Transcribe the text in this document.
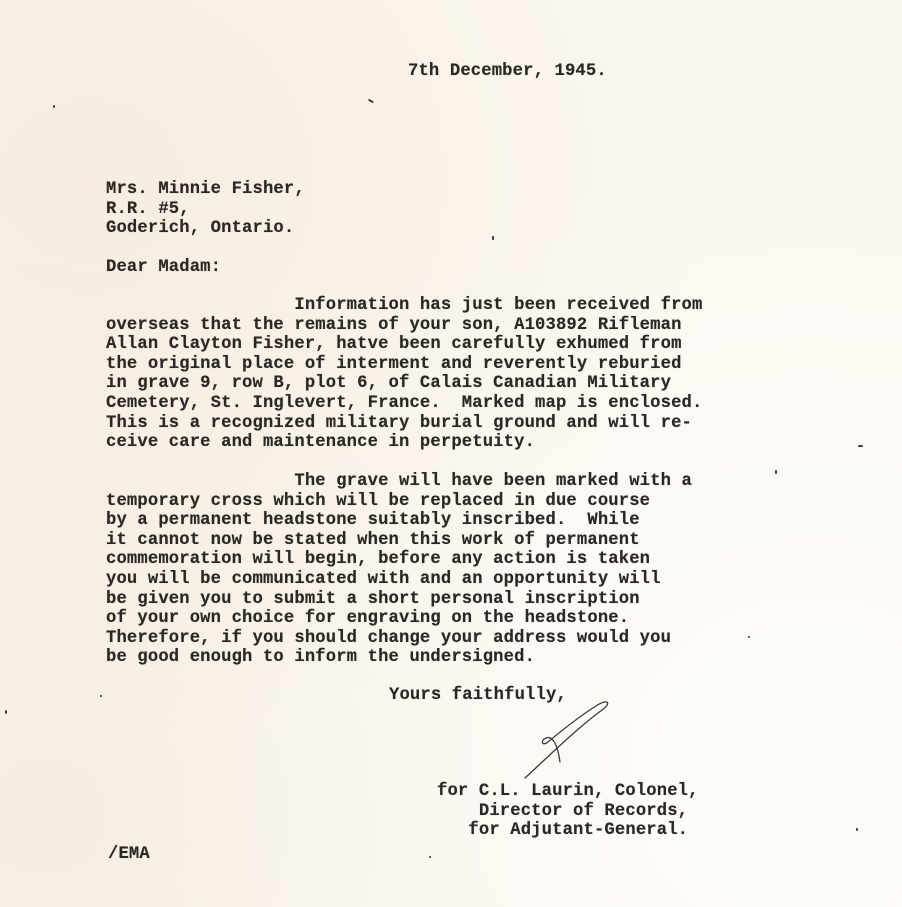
7th December, 1945.
Mrs. Minnie Fisher,
R.R. #5,
Goderich, Ontario.
Dear Madam:
Information has just been received from
overseas that the remains of your son, A103892 Rifleman
Allan Clayton Fisher, hatve been carefully exhumed from
the original place of interment and reverently reburied
in grave 9, row B, plot 6, of Calais Canadian Military
Cemetery, St. Inglevert, France.  Marked map is enclosed.
This is a recognized military burial ground and will re-
ceive care and maintenance in perpetuity.
The grave will have been marked with a
temporary cross which will be replaced in due course
by a permanent headstone suitably inscribed.  While
it cannot now be stated when this work of permanent
commemoration will begin, before any action is taken
you will be communicated with and an opportunity will
be given you to submit a short personal inscription
of your own choice for engraving on the headstone.
Therefore, if you should change your address would you
be good enough to inform the undersigned.
Yours faithfully,
for C.L. Laurin, Colonel,
Director of Records,
for Adjutant-General.
/EMA
